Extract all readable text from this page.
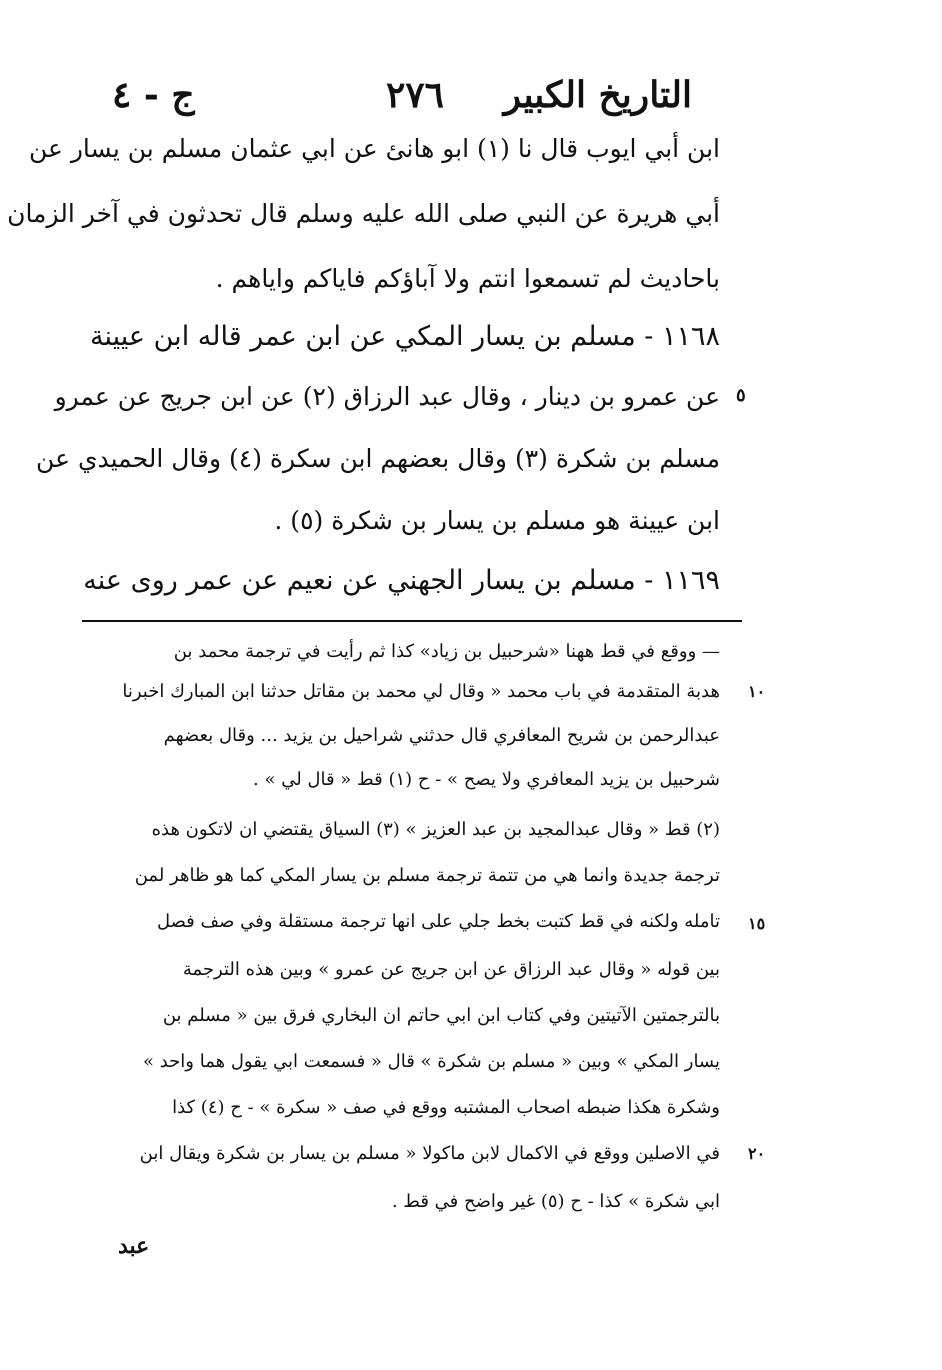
التاريخ الكبير
٢٧٦
ج - ٤
ابن أبي ايوب قال نا (١) ابو هانئ عن ابي عثمان مسلم بن يسار عن
أبي هريرة عن النبي صلى الله عليه وسلم قال تحدثون في آخر الزمان
باحاديث لم تسمعوا انتم ولا آباؤكم فاياكم واياهم .
١١٦٨ - مسلم بن يسار المكي عن ابن عمر قاله ابن عيينة
عن عمرو بن دينار ، وقال عبد الرزاق (٢) عن ابن جريج عن عمرو ٥
مسلم بن شكرة (٣) وقال بعضهم ابن سكرة (٤) وقال الحميدي عن
ابن عيينة هو مسلم بن يسار بن شكرة (٥) .
١١٦٩ - مسلم بن يسار الجهني عن نعيم عن عمر روى عنه
— ووقع في قط ههنا «شرحبيل بن زياد» كذا ثم رأيت في ترجمة محمد بن
هدبة المتقدمة في باب محمد « وقال لي محمد بن مقاتل حدثنا ابن المبارك اخبرنا ١٠
عبدالرحمن بن شريح المعافري قال حدثني شراحيل بن يزيد ... وقال بعضهم
شرحبيل بن يزيد المعافري ولا يصح » - ح (١) قط « قال لي » .
(٢) قط « وقال عبدالمجيد بن عبد العزيز » (٣) السياق يقتضي ان لاتكون هذه
ترجمة جديدة وانما هي من تتمة ترجمة مسلم بن يسار المكي كما هو ظاهر لمن
تامله ولكنه في قط كتبت بخط جلي على انها ترجمة مستقلة وفي صف فصل ١٥
بين قوله « وقال عبد الرزاق عن ابن جريج عن عمرو » وبين هذه الترجمة
بالترجمتين الآتيتين وفي كتاب ابن ابي حاتم ان البخاري فرق بين « مسلم بن
يسار المكي » وبين « مسلم بن شكرة » قال « فسمعت ابي يقول هما واحد »
وشكرة هكذا ضبطه اصحاب المشتبه ووقع في صف « سكرة » - ح (٤) كذا
في الاصلين ووقع في الاكمال لابن ماكولا « مسلم بن يسار بن شكرة ويقال ابن ٢٠
ابي شكرة » كذا - ح (٥) غير واضح في قط .
عبد
